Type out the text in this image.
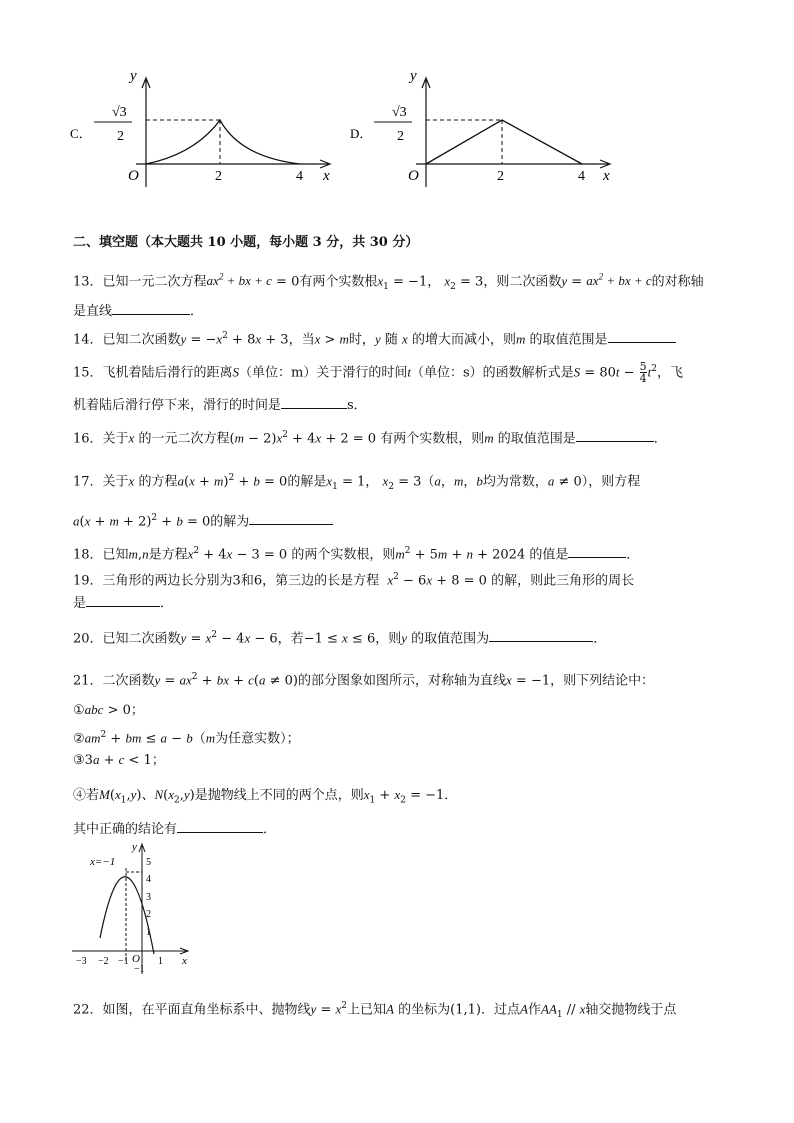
C．
√3
2
y
x
O	2	4
D．
√3
2
y
x
O	2	4
二、填空题（本大题共 10 小题，每小题 3 分，共 30 分）
13．已知一元二次方程$ax^2$ + bx + c = 0有两个实数根$x_1 = -1$， $x_2 = 3$，则二次函数$y = ax^2$ + bx + c的对称轴
是直线	．
14．已知二次函数$y = -x^2 + 8x + 3$，当x > m时，y 随 x 的增大而减小，则m 的取值范围是
15．飞机着陆后滑行的距离S（单位：m）关于滑行的时间t（单位：s）的函数解析式是$S = 80t - \frac{5}{4} t^2$，飞
机着陆后滑行停下来，滑行的时间是	s．
16．关于x 的一元二次方程$(m - 2)x^2 + 4x + 2 = 0$ 有两个实数根，则m 的取值范围是	．
17．关于x 的方程$a(x + m)^2 + b = 0$的解是$x_1 = 1$， $x_2 = 3(a$，m，b均为常数，a ≠ 0），则方程
$a(x + m + 2)^2 + b = 0$的解为
18．已知m,n是方程$x^2 + 4x - 3 = 0$ 的两个实数根，则$m^2 + 5m + n + 2024$ 的值是	．
19．三角形的两边长分别为3和6，第三边的长是方程 $x^2 - 6x + 8 = 0$ 的解，则此三角形的周长
是	．
20．已知二次函数$y = x^2 - 4x - 6$，若−1 ≤ x ≤ 6，则y 的取值范围为	．
21．二次函数$y = ax^2$ + bx + c(a ≠ 0)的部分图象如图所示，对称轴为直线x = −1，则下列结论中：
①abc > 0；
$②am^2$ + bm ≤ a − b（m为任意实数）；
③3a + c < 1；
④若$M(x_1,y)$、$N(x_2,y)$是抛物线上不同的两个点，则$x_1 + x_2 = -1$．
其中正确的结论有	．
y
x
x=−1	5
4
3
2
1
−1
−3 −2 −1 O 1
22．如图，在平面直角坐标系中、抛物线$y = x^2$上已知A 的坐标为(1,1)．过点A作$AA_1$ // x轴交抛物线于点
